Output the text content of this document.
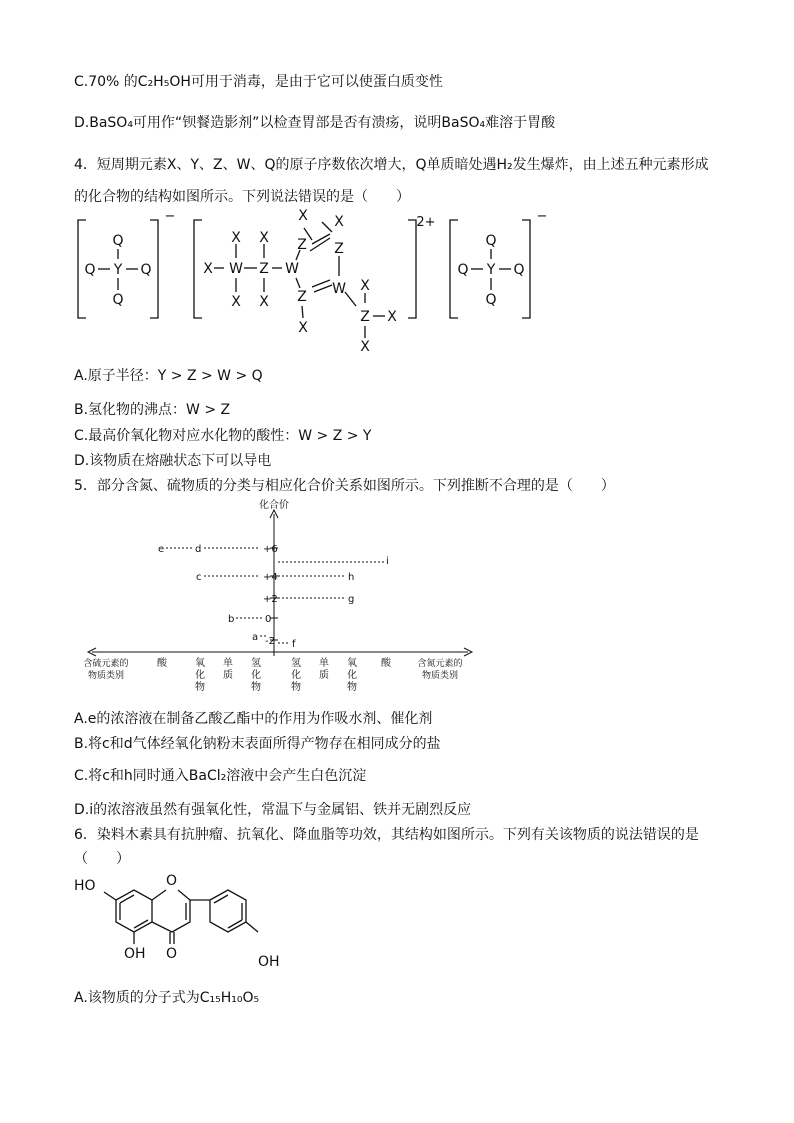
C.70% 的C₂H₅OH可用于消毒，是由于它可以使蛋白质变性
D.BaSO₄可用作“钡餐造影剂”以检查胃部是否有溃疡，说明BaSO₄难溶于胃酸
4．短周期元素X、Y、Z、W、Q的原子序数依次增大，Q单质暗处遇H₂发生爆炸，由上述五种元素形成
的化合物的结构如图所示。下列说法错误的是（　　）
Q
Q Y Q
Q
−
X W Z W
X
X
X
X
X
Z
X
Z
Z W
X
X
Z X
X
2+
Q
Q Y Q
Q
−
A.原子半径：Y > Z > W > Q
B.氢化物的沸点：W > Z
C.最高价氧化物对应水化物的酸性：W > Z > Y
D.该物质在熔融状态下可以导电
5．部分含氮、硫物质的分类与相应化合价关系如图所示。下列推断不合理的是（　　）
化合价
+6
+4
+2
0
-2
e	d
c
b
a
f
g
h
i
含硫元素的
物质类别
含氮元素的
物质类别
酸	氧
化
物
单
质
氢
化
物
氢
化
物
单
质
氧
化
物
酸
A.e的浓溶液在制备乙酸乙酯中的作用为作吸水剂、催化剂
B.将c和d气体经氧化钠粉末表面所得产物存在相同成分的盐
C.将c和h同时通入BaCl₂溶液中会产生白色沉淀
D.i的浓溶液虽然有强氧化性，常温下与金属铝、铁并无剧烈反应
6．染料木素具有抗肿瘤、抗氧化、降血脂等功效，其结构如图所示。下列有关该物质的说法错误的是
（　　）
HO	O
O
OH	OH
A.该物质的分子式为C₁₅H₁₀O₅
